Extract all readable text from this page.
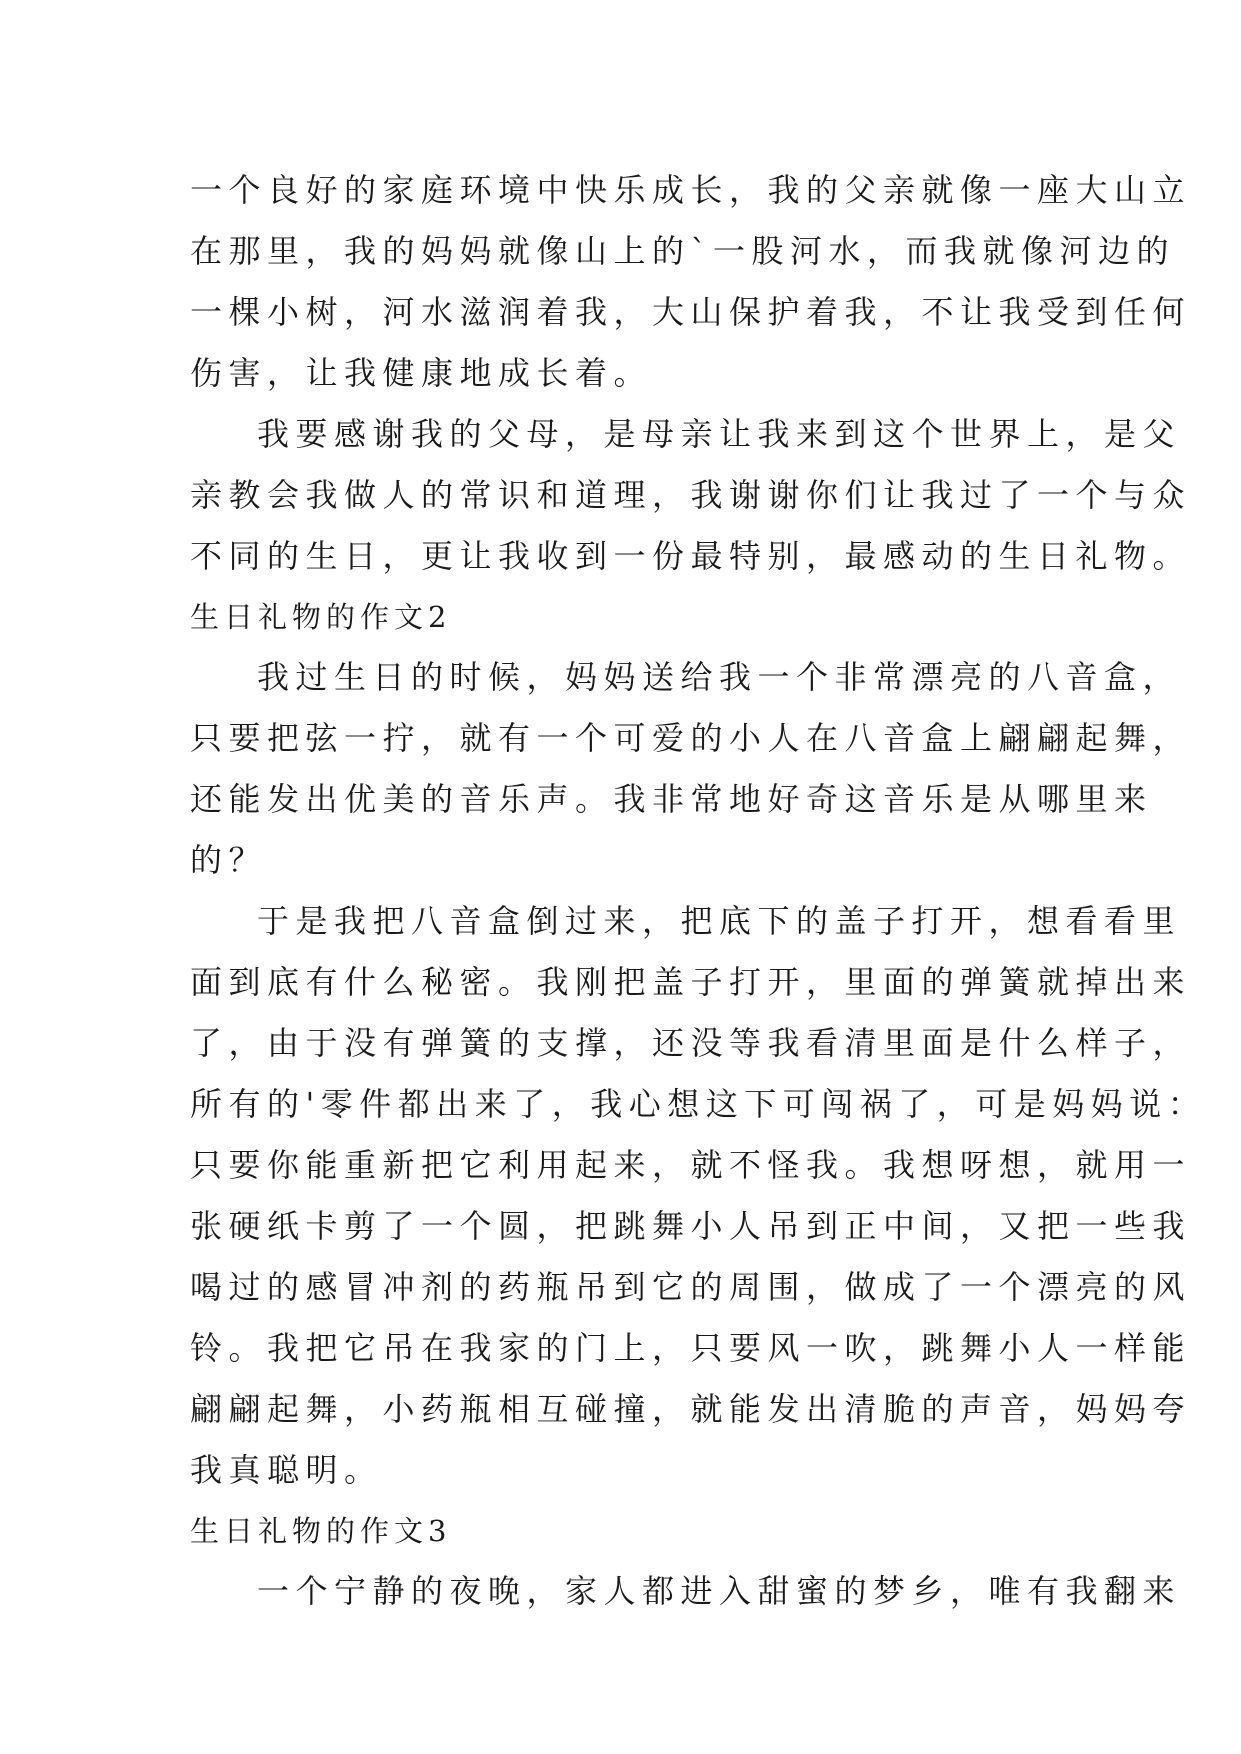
一个良好的家庭环境中快乐成长，我的父亲就像一座大山立
在那里，我的妈妈就像山上的`一股河水，而我就像河边的
一棵小树，河水滋润着我，大山保护着我，不让我受到任何
伤害，让我健康地成长着。
我要感谢我的父母，是母亲让我来到这个世界上，是父
亲教会我做人的常识和道理，我谢谢你们让我过了一个与众
不同的生日，更让我收到一份最特别，最感动的生日礼物。
生日礼物的作文2
我过生日的时候，妈妈送给我一个非常漂亮的八音盒，
只要把弦一拧，就有一个可爱的小人在八音盒上翩翩起舞，
还能发出优美的音乐声。我非常地好奇这音乐是从哪里来
的？
于是我把八音盒倒过来，把底下的盖子打开，想看看里
面到底有什么秘密。我刚把盖子打开，里面的弹簧就掉出来
了，由于没有弹簧的支撑，还没等我看清里面是什么样子，
所有的'零件都出来了，我心想这下可闯祸了，可是妈妈说：
只要你能重新把它利用起来，就不怪我。我想呀想，就用一
张硬纸卡剪了一个圆，把跳舞小人吊到正中间，又把一些我
喝过的感冒冲剂的药瓶吊到它的周围，做成了一个漂亮的风
铃。我把它吊在我家的门上，只要风一吹，跳舞小人一样能
翩翩起舞，小药瓶相互碰撞，就能发出清脆的声音，妈妈夸
我真聪明。
生日礼物的作文3
一个宁静的夜晚，家人都进入甜蜜的梦乡，唯有我翻来
